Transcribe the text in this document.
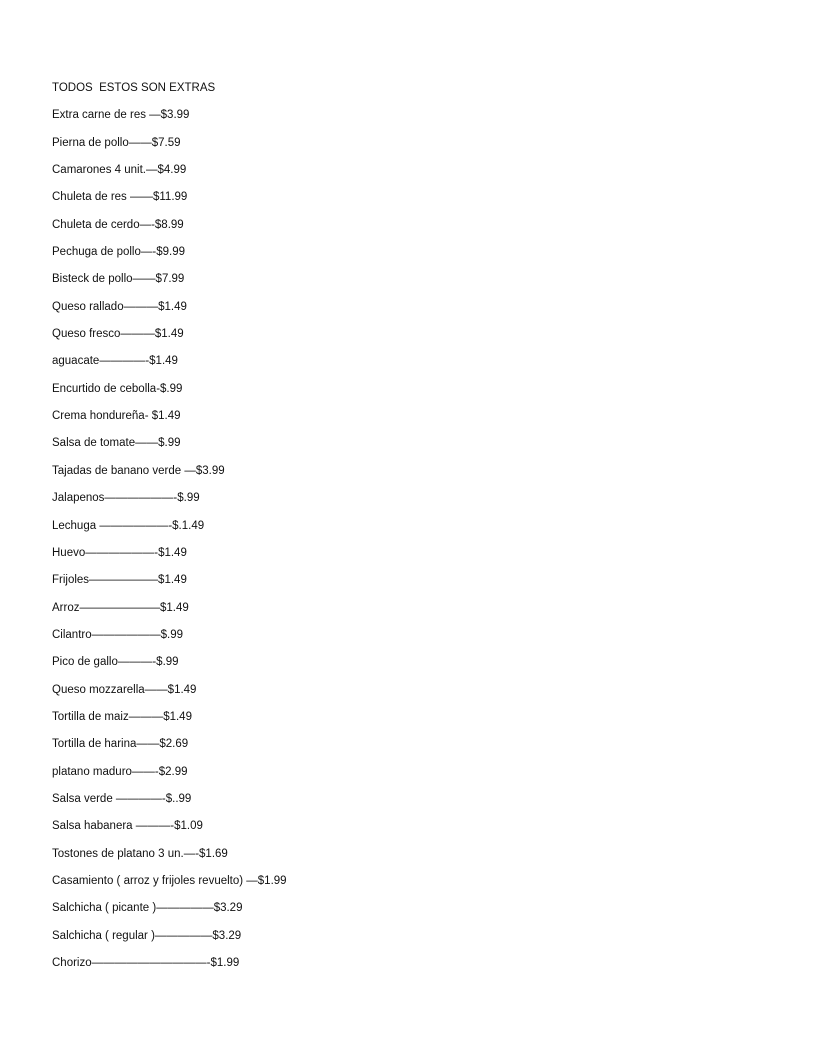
TODOS  ESTOS SON EXTRAS
Extra carne de res —$3.99
Pierna de pollo——$7.59
Camarones 4 unit.—$4.99
Chuleta de res ——$11.99
Chuleta de cerdo—-$8.99
Pechuga de pollo—-$9.99
Bisteck de pollo——$7.99
Queso rallado———$1.49
Queso fresco———$1.49
aguacate————-$1.49
Encurtido de cebolla-$.99
Crema hondureña- $1.49
Salsa de tomate——$.99
Tajadas de banano verde —$3.99
Jalapenos——————-$.99
Lechuga ——————-$.1.49
Huevo——————-$1.49
Frijoles——————$1.49
Arroz———————$1.49
Cilantro——————$.99
Pico de gallo———-$.99
Queso mozzarella——$1.49
Tortilla de maiz———$1.49
Tortilla de harina——$2.69
platano maduro——-$2.99
Salsa verde ————-$..99
Salsa habanera ———-$1.09
Tostones de platano 3 un.—-$1.69
Casamiento ( arroz y frijoles revuelto) —$1.99
Salchicha ( picante )—————$3.29
Salchicha ( regular )—————$3.29
Chorizo——————————-$1.99
